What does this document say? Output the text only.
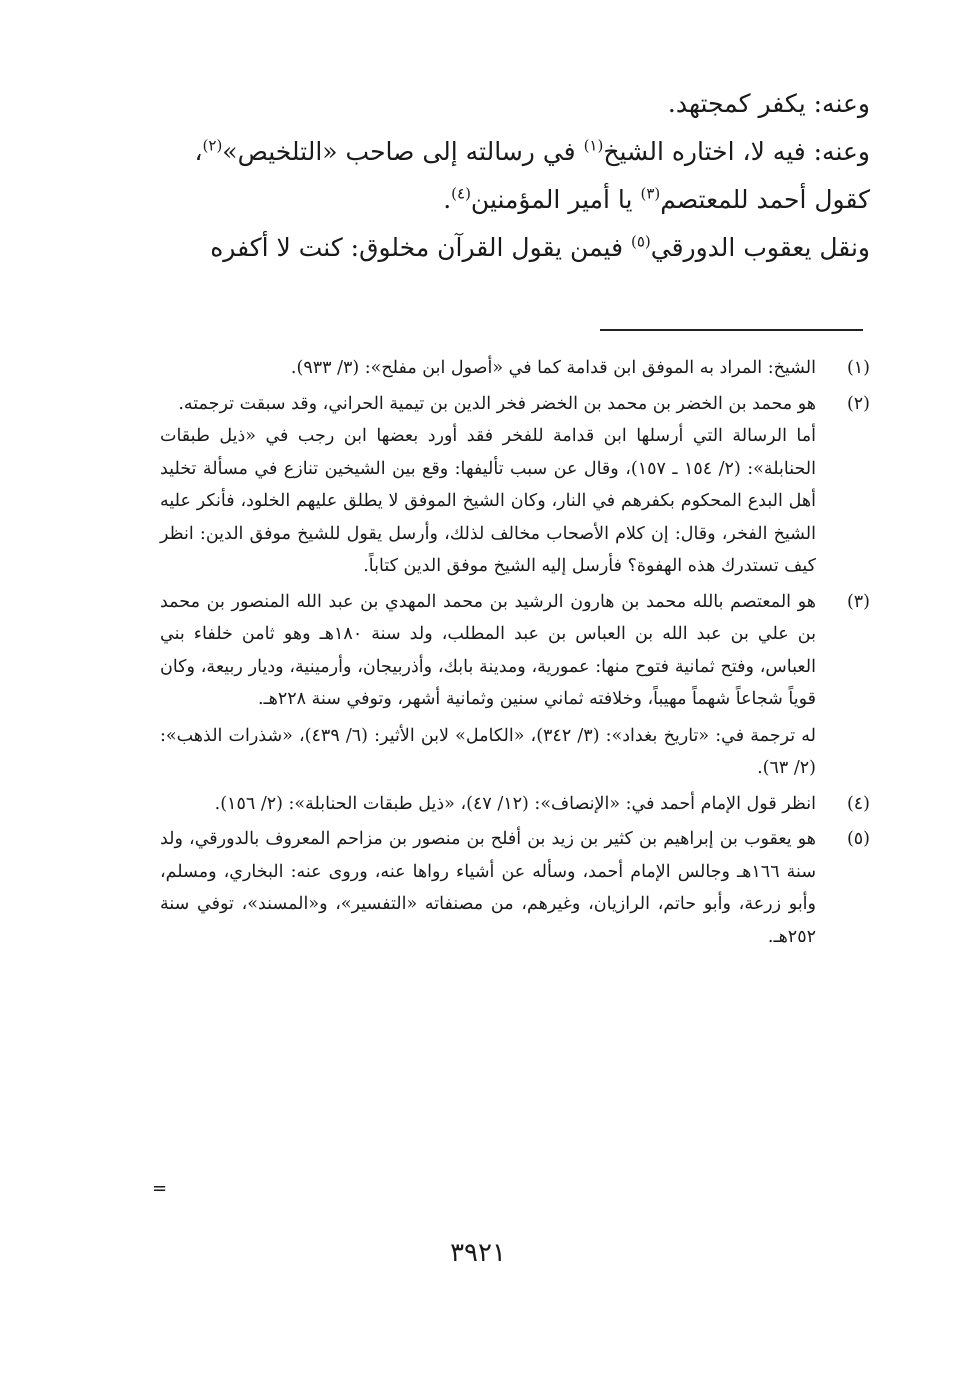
وعنه: يكفر كمجتهد.

وعنه: فيه لا، اختاره الشيخ$^{(١)}$ في رسالته إلى صاحب «التلخيص»$^{(٢)}$،

كقول أحمد للمعتصم$^{(٣)}$ يا أمير المؤمنين$^{(٤)}$.

ونقل يعقوب الدورقي$^{(٥)}$ فيمن يقول القرآن مخلوق: كنت لا أكفره

(١)

الشيخ: المراد به الموفق ابن قدامة كما في «أصول ابن مفلح»: (٣/ ٩٣٣).

(٢)

هو محمد بن الخضر بن محمد بن الخضر فخر الدين بن تيمية الحراني، وقد سبقت ترجمته.

أما الرسالة التي أرسلها ابن قدامة للفخر فقد أورد بعضها ابن رجب في «ذيل طبقات الحنابلة»: (٢/ ١٥٤ ـ ١٥٧)، وقال عن سبب تأليفها: وقع بين الشيخين تنازع في مسألة تخليد أهل البدع المحكوم بكفرهم في النار، وكان الشيخ الموفق لا يطلق عليهم الخلود، فأنكر عليه الشيخ الفخر، وقال: إن كلام الأصحاب مخالف لذلك، وأرسل يقول للشيخ موفق الدين: انظر كيف تستدرك هذه الهفوة؟ فأرسل إليه الشيخ موفق الدين كتاباً.

(٣)

هو المعتصم بالله محمد بن هارون الرشيد بن محمد المهدي بن عبد الله المنصور بن محمد بن علي بن عبد الله بن العباس بن عبد المطلب، ولد سنة ١٨٠هـ وهو ثامن خلفاء بني العباس، وفتح ثمانية فتوح منها: عمورية، ومدينة بابك، وأذربيجان، وأرمينية، وديار ربيعة، وكان قوياً شجاعاً شهماً مهيباً، وخلافته ثماني سنين وثمانية أشهر، وتوفي سنة ٢٢٨هـ.

له ترجمة في: «تاريخ بغداد»: (٣/ ٣٤٢)، «الكامل» لابن الأثير: (٦/ ٤٣٩)، «شذرات الذهب»: (٢/ ٦٣).

(٤)

انظر قول الإمام أحمد في: «الإنصاف»: (١٢/ ٤٧)، «ذيل طبقات الحنابلة»: (٢/ ١٥٦).

(٥)

هو يعقوب بن إبراهيم بن كثير بن زيد بن أفلح بن منصور بن مزاحم المعروف بالدورقي، ولد سنة ١٦٦هـ وجالس الإمام أحمد، وسأله عن أشياء رواها عنه، وروى عنه: البخاري، ومسلم، وأبو زرعة، وأبو حاتم، الرازيان، وغيرهم، من مصنفاته «التفسير»، و«المسند»، توفي سنة ٢٥٢هـ.

=
٣٩٢١
